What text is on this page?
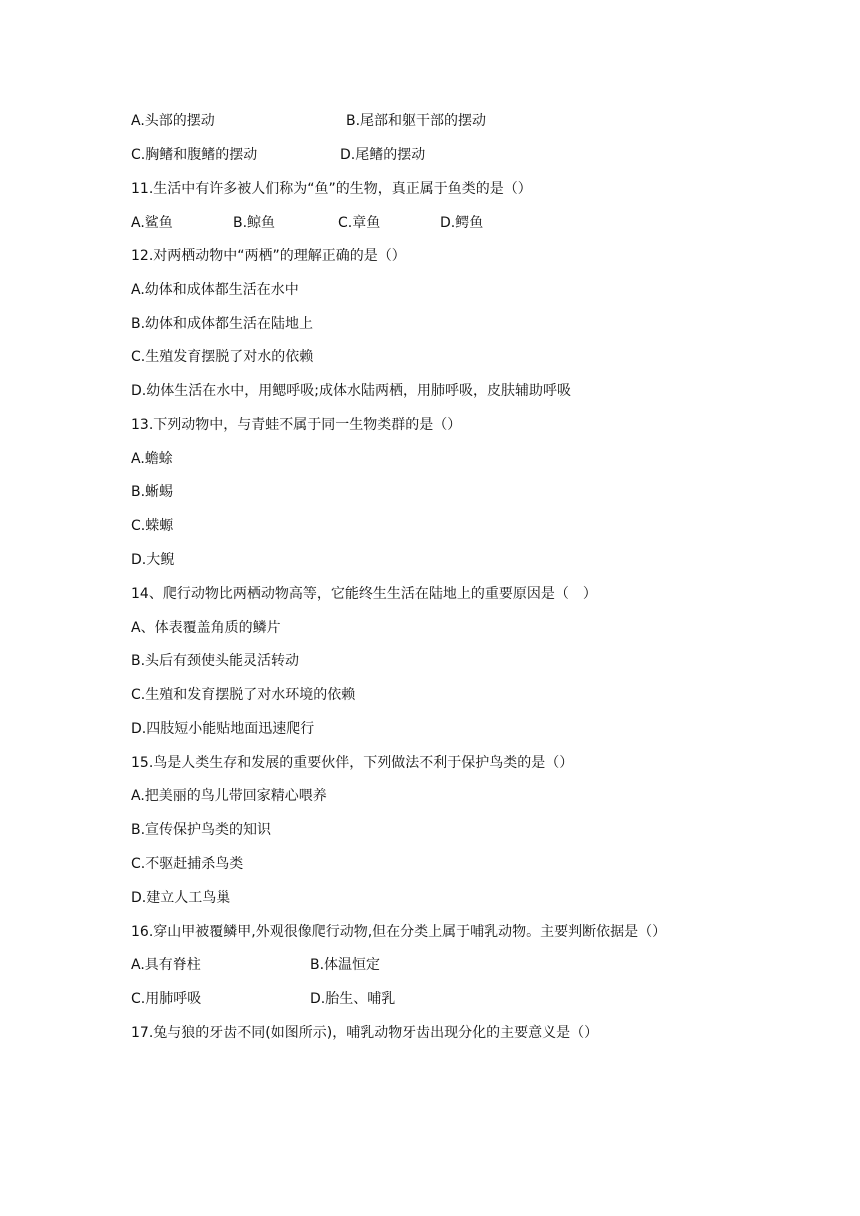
A.头部的摆动	B.尾部和躯干部的摆动
C.胸鳍和腹鳍的摆动	D.尾鳍的摆动
11.生活中有许多被人们称为“鱼”的生物，真正属于鱼类的是（）
A.鲨鱼	B.鲸鱼	C.章鱼	D.鳄鱼
12.对两栖动物中“两栖”的理解正确的是（）
A.幼体和成体都生活在水中
B.幼体和成体都生活在陆地上
C.生殖发育摆脱了对水的依赖
D.幼体生活在水中，用鳃呼吸;成体水陆两栖，用肺呼吸，皮肤辅助呼吸
13.下列动物中，与青蛙不属于同一生物类群的是（）
A.蟾蜍
B.蜥蜴
C.蝾螈
D.大鲵
14、爬行动物比两栖动物高等，它能终生生活在陆地上的重要原因是（　）
A、体表覆盖角质的鳞片
B.头后有颈使头能灵活转动
C.生殖和发育摆脱了对水环境的依赖
D.四肢短小能贴地面迅速爬行
15.鸟是人类生存和发展的重要伙伴，下列做法不利于保护鸟类的是（）
A.把美丽的鸟儿带回家精心喂养
B.宣传保护鸟类的知识
C.不驱赶捕杀鸟类
D.建立人工鸟巢
16.穿山甲被覆鳞甲,外观很像爬行动物,但在分类上属于哺乳动物。主要判断依据是（）
A.具有脊柱	B.体温恒定
C.用肺呼吸	D.胎生、哺乳
17.兔与狼的牙齿不同(如图所示)，哺乳动物牙齿出现分化的主要意义是（）
